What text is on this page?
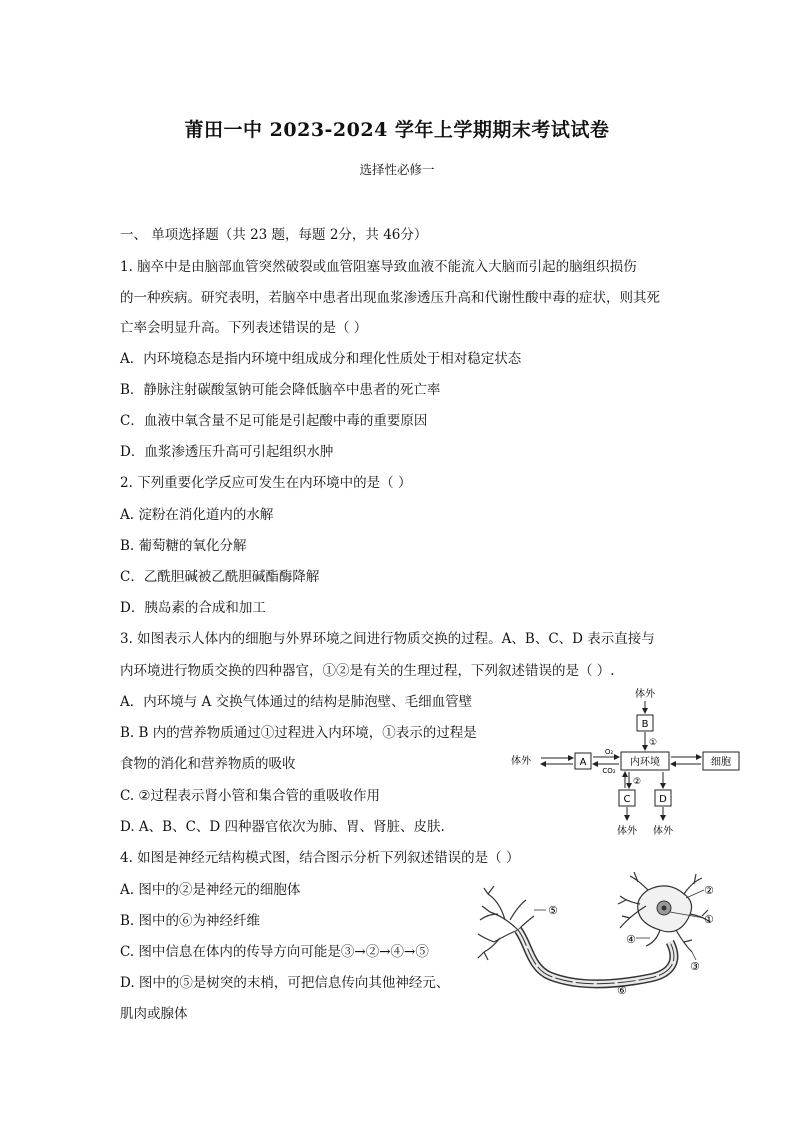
莆田一中 2023-2024 学年上学期期末考试试卷
选择性必修一
一、 单项选择题（共 23 题，每题 2分，共 46分）
1. 脑卒中是由脑部血管突然破裂或血管阻塞导致血液不能流入大脑而引起的脑组织损伤
的一种疾病。研究表明，若脑卒中患者出现血浆渗透压升高和代谢性酸中毒的症状，则其死
亡率会明显升高。下列表述错误的是（ ）
A．内环境稳态是指内环境中组成成分和理化性质处于相对稳定状态
B．静脉注射碳酸氢钠可能会降低脑卒中患者的死亡率
C．血液中氧含量不足可能是引起酸中毒的重要原因
D．血浆渗透压升高可引起组织水肿
2. 下列重要化学反应可发生在内环境中的是（ ）
A. 淀粉在消化道内的水解
B. 葡萄糖的氧化分解
C．乙酰胆碱被乙酰胆碱酯酶降解
D．胰岛素的合成和加工
3. 如图表示人体内的细胞与外界环境之间进行物质交换的过程。A、B、C、D 表示直接与
内环境进行物质交换的四种器官，①②是有关的生理过程，下列叙述错误的是（ ）.
A．内环境与 A 交换气体通过的结构是肺泡壁、毛细血管壁
B. B 内的营养物质通过①过程进入内环境，①表示的过程是
食物的消化和营养物质的吸收
C. ②过程表示肾小管和集合管的重吸收作用
D. A、B、C、D 四种器官依次为肺、胃、肾脏、皮肤.
体外
B
①
体外	A
O₂
CO₂
内环境	细胞
②
C	D
体外 体外
4. 如图是神经元结构模式图，结合图示分析下列叙述错误的是（ ）
A. 图中的②是神经元的细胞体
B. 图中的⑥为神经纤维
C. 图中信息在体内的传导方向可能是③→②→④→⑤
D. 图中的⑤是树突的末梢，可把信息传向其他神经元、
肌肉或腺体
⑤
②
①
③
④
⑥
